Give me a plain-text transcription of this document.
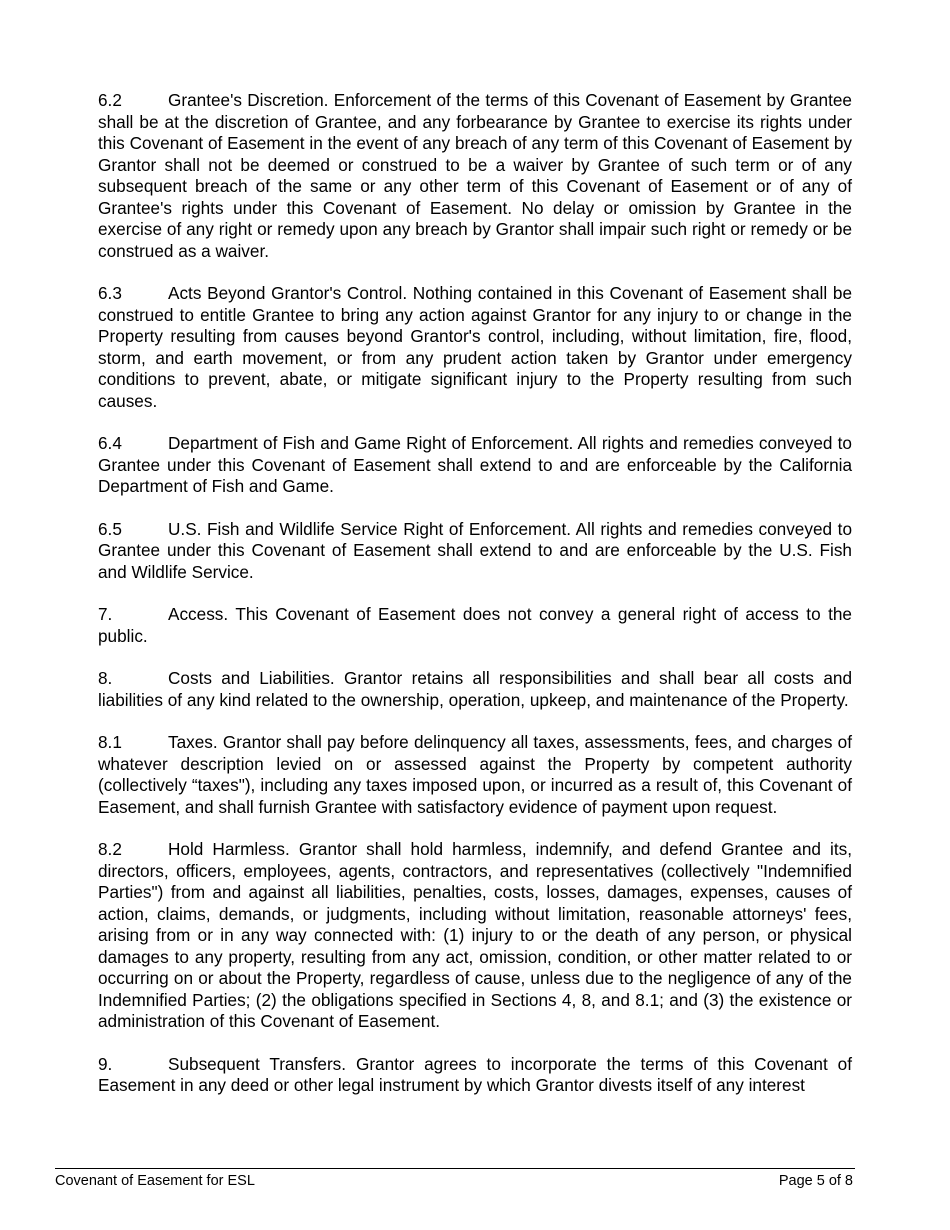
6.2	Grantee's Discretion. Enforcement of the terms of this Covenant of Easement by Grantee shall be at the discretion of Grantee, and any forbearance by Grantee to exercise its rights under this Covenant of Easement in the event of any breach of any term of this Covenant of Easement by Grantor shall not be deemed or construed to be a waiver by Grantee of such term or of any subsequent breach of the same or any other term of this Covenant of Easement or of any of Grantee's rights under this Covenant of Easement. No delay or omission by Grantee in the exercise of any right or remedy upon any breach by Grantor shall impair such right or remedy or be construed as a waiver.

6.3	Acts Beyond Grantor's Control. Nothing contained in this Covenant of Easement shall be construed to entitle Grantee to bring any action against Grantor for any injury to or change in the Property resulting from causes beyond Grantor's control, including, without limitation, fire, flood, storm, and earth movement, or from any prudent action taken by Grantor under emergency conditions to prevent, abate, or mitigate significant injury to the Property resulting from such causes.

6.4	Department of Fish and Game Right of Enforcement. All rights and remedies conveyed to Grantee under this Covenant of Easement shall extend to and are enforceable by the California Department of Fish and Game.

6.5	U.S. Fish and Wildlife Service Right of Enforcement. All rights and remedies conveyed to Grantee under this Covenant of Easement shall extend to and are enforceable by the U.S. Fish and Wildlife Service.

7.	Access. This Covenant of Easement does not convey a general right of access to the public.

8.	Costs and Liabilities. Grantor retains all responsibilities and shall bear all costs and liabilities of any kind related to the ownership, operation, upkeep, and maintenance of the Property.

8.1	Taxes. Grantor shall pay before delinquency all taxes, assessments, fees, and charges of whatever description levied on or assessed against the Property by competent authority (collectively “taxes"), including any taxes imposed upon, or incurred as a result of, this Covenant of Easement, and shall furnish Grantee with satisfactory evidence of payment upon request.

8.2	Hold Harmless. Grantor shall hold harmless, indemnify, and defend Grantee and its, directors, officers, employees, agents, contractors, and representatives (collectively "Indemnified Parties") from and against all liabilities, penalties, costs, losses, damages, expenses, causes of action, claims, demands, or judgments, including without limitation, reasonable attorneys' fees, arising from or in any way connected with: (1) injury to or the death of any person, or physical damages to any property, resulting from any act, omission, condition, or other matter related to or occurring on or about the Property, regardless of cause, unless due to the negligence of any of the Indemnified Parties; (2) the obligations specified in Sections 4, 8, and 8.1; and (3) the existence or administration of this Covenant of Easement.

9.	Subsequent Transfers. Grantor agrees to incorporate the terms of this Covenant of Easement in any deed or other legal instrument by which Grantor divests itself of any interest

Covenant of Easement for ESL	Page 5 of 8
